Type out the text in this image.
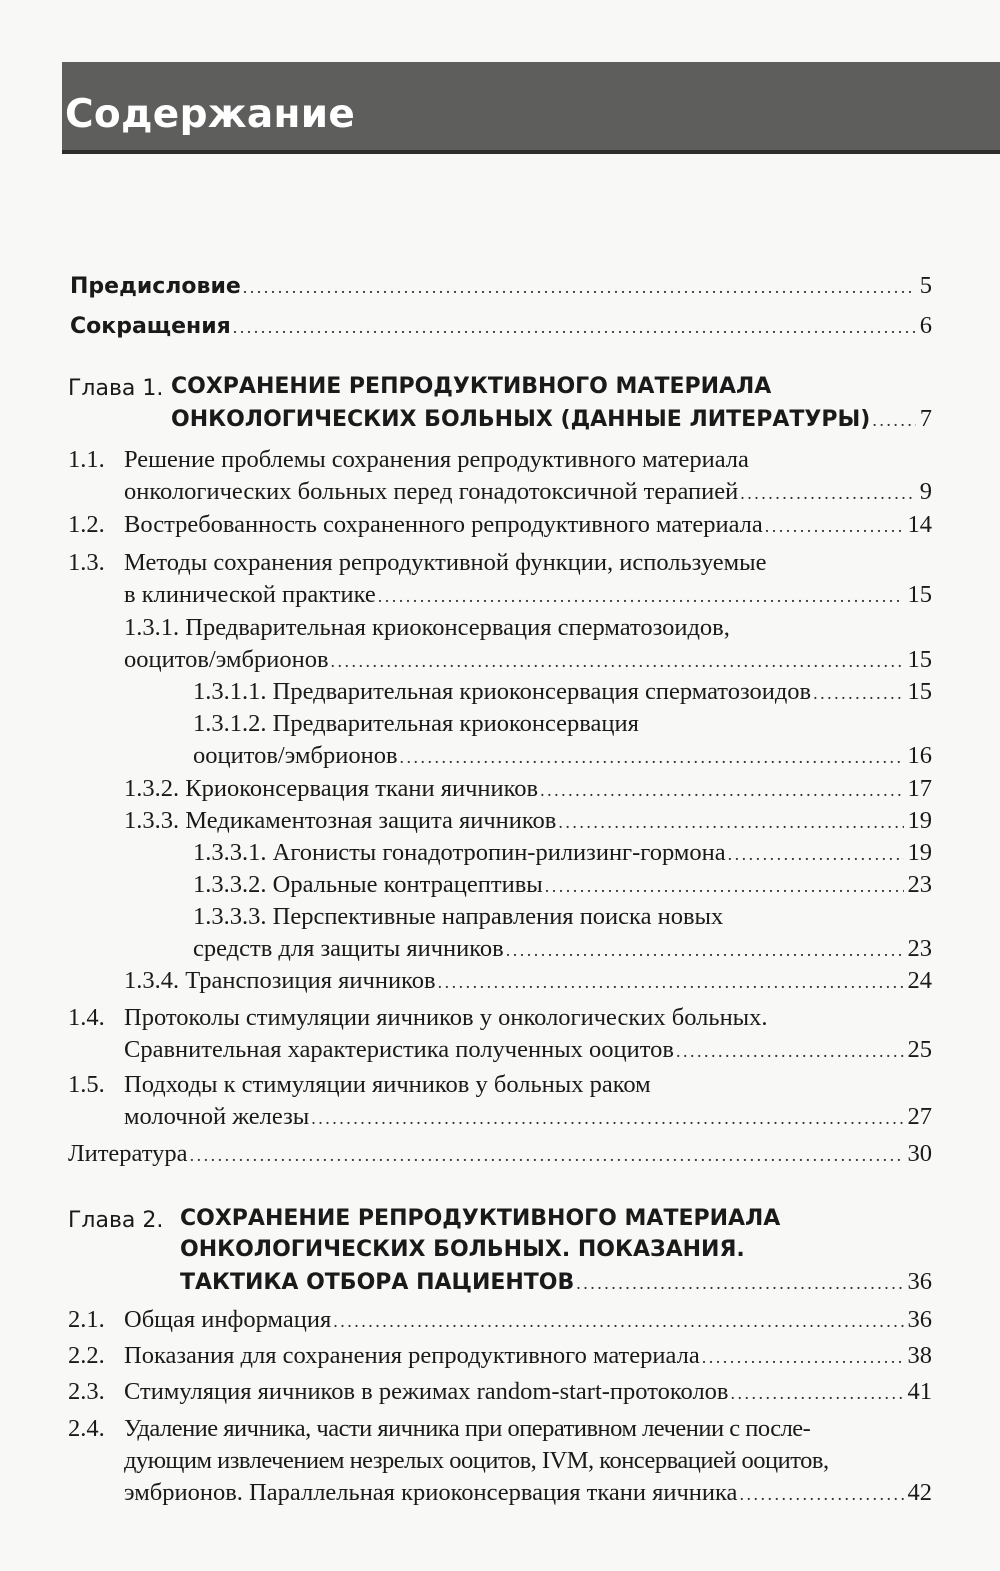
Содержание
Предисловие .....	5
Сокращения .....	6
Глава 1. СОХРАНЕНИЕ РЕПРОДУКТИВНОГО МАТЕРИАЛА
ОНКОЛОГИЧЕСКИХ БОЛЬНЫХ (ДАННЫЕ ЛИТЕРАТУРЫ) ..... 7
1.1. Решение проблемы сохранения репродуктивного материала
онкологических больных перед гонадотоксичной терапией .....	9
1.2. Востребованность сохраненного репродуктивного материала .....	14
1.3. Методы сохранения репродуктивной функции, используемые
в клинической практике .....	15
1.3.1. Предварительная криоконсервация сперматозоидов,
ооцитов/эмбрионов .....	15
1.3.1.1. Предварительная криоконсервация сперматозоидов .....	15
1.3.1.2. Предварительная криоконсервация
ооцитов/эмбрионов .....	16
1.3.2. Криоконсервация ткани яичников .....	17
1.3.3. Медикаментозная защита яичников .....	19
1.3.3.1. Агонисты гонадотропин-рилизинг-гормона .....	19
1.3.3.2. Оральные контрацептивы .....	23
1.3.3.3. Перспективные направления поиска новых
средств для защиты яичников .....	23
1.3.4. Транспозиция яичников .....	24
1.4. Протоколы стимуляции яичников у онкологических больных.
Сравнительная характеристика полученных ооцитов .....	25
1.5. Подходы к стимуляции яичников у больных раком
молочной железы .....	27
Литература .....	30
Глава 2. СОХРАНЕНИЕ РЕПРОДУКТИВНОГО МАТЕРИАЛА
ОНКОЛОГИЧЕСКИХ БОЛЬНЫХ. ПОКАЗАНИЯ.
ТАКТИКА ОТБОРА ПАЦИЕНТОВ .....	36
2.1. Общая информация .....	36
2.2. Показания для сохранения репродуктивного материала .....	38
2.3. Стимуляция яичников в режимах random-start-протоколов .....	41
2.4. Удаление яичника, части яичника при оперативном лечении с после-
дующим извлечением незрелых ооцитов, IVM, консервацией ооцитов,
эмбрионов. Параллельная криоконсервация ткани яичника .....	42
